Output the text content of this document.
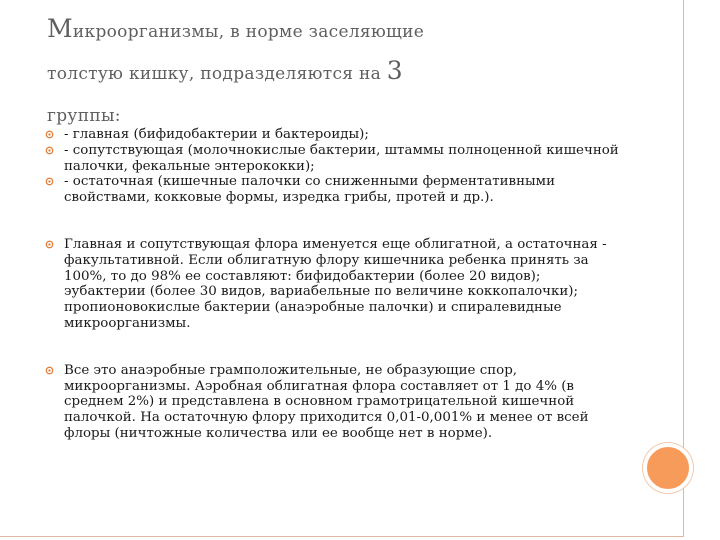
Микроорганизмы, в норме заселяющие
толстую кишку, подразделяются на 3
группы:
- главная (бифидобактерии и бактероиды);
- сопутствующая (молочнокислые бактерии, штаммы полноценной кишечной палочки, фекальные энтерококки);
- остаточная (кишечные палочки со сниженными ферментативными свойствами, кокковые формы, изредка грибы, протей и др.).
Главная и сопутствующая флора именуется еще облигатной, а остаточная - факультативной. Если облигатную флору кишечника ребенка принять за 100%, то до 98% ее составляют: бифидобактерии (более 20 видов); эубактерии (более 30 видов, вариабельные по величине коккопалочки); пропионовокислые бактерии (анаэробные палочки) и спиралевидные микроорганизмы.
Все это анаэробные грамположительные, не образующие спор, микроорганизмы. Аэробная облигатная флора составляет от 1 до 4% (в среднем 2%) и представлена в основном грамотрицательной кишечной палочкой. На остаточную флору приходится 0,01-0,001% и менее от всей флоры (ничтожные количества или ее вообще нет в норме).
